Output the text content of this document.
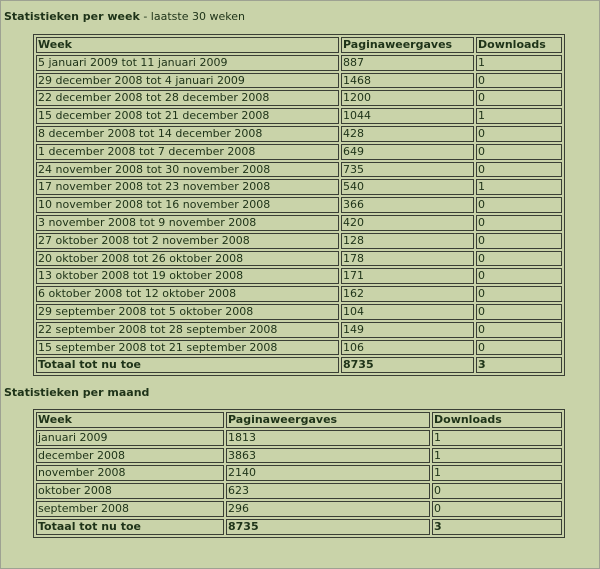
Statistieken per week - laatste 30 weken
Week	Paginaweergaves	Downloads
5 januari 2009 tot 11 januari 2009	887	1
29 december 2008 tot 4 januari 2009	1468	0
22 december 2008 tot 28 december 2008	1200	0
15 december 2008 tot 21 december 2008	1044	1
8 december 2008 tot 14 december 2008	428	0
1 december 2008 tot 7 december 2008	649	0
24 november 2008 tot 30 november 2008	735	0
17 november 2008 tot 23 november 2008	540	1
10 november 2008 tot 16 november 2008	366	0
3 november 2008 tot 9 november 2008	420	0
27 oktober 2008 tot 2 november 2008	128	0
20 oktober 2008 tot 26 oktober 2008	178	0
13 oktober 2008 tot 19 oktober 2008	171	0
6 oktober 2008 tot 12 oktober 2008	162	0
29 september 2008 tot 5 oktober 2008	104	0
22 september 2008 tot 28 september 2008	149	0
15 september 2008 tot 21 september 2008	106	0
Totaal tot nu toe	8735	3
Statistieken per maand
Week	Paginaweergaves	Downloads
januari 2009	1813	1
december 2008	3863	1
november 2008	2140	1
oktober 2008	623	0
september 2008	296	0
Totaal tot nu toe	8735	3
